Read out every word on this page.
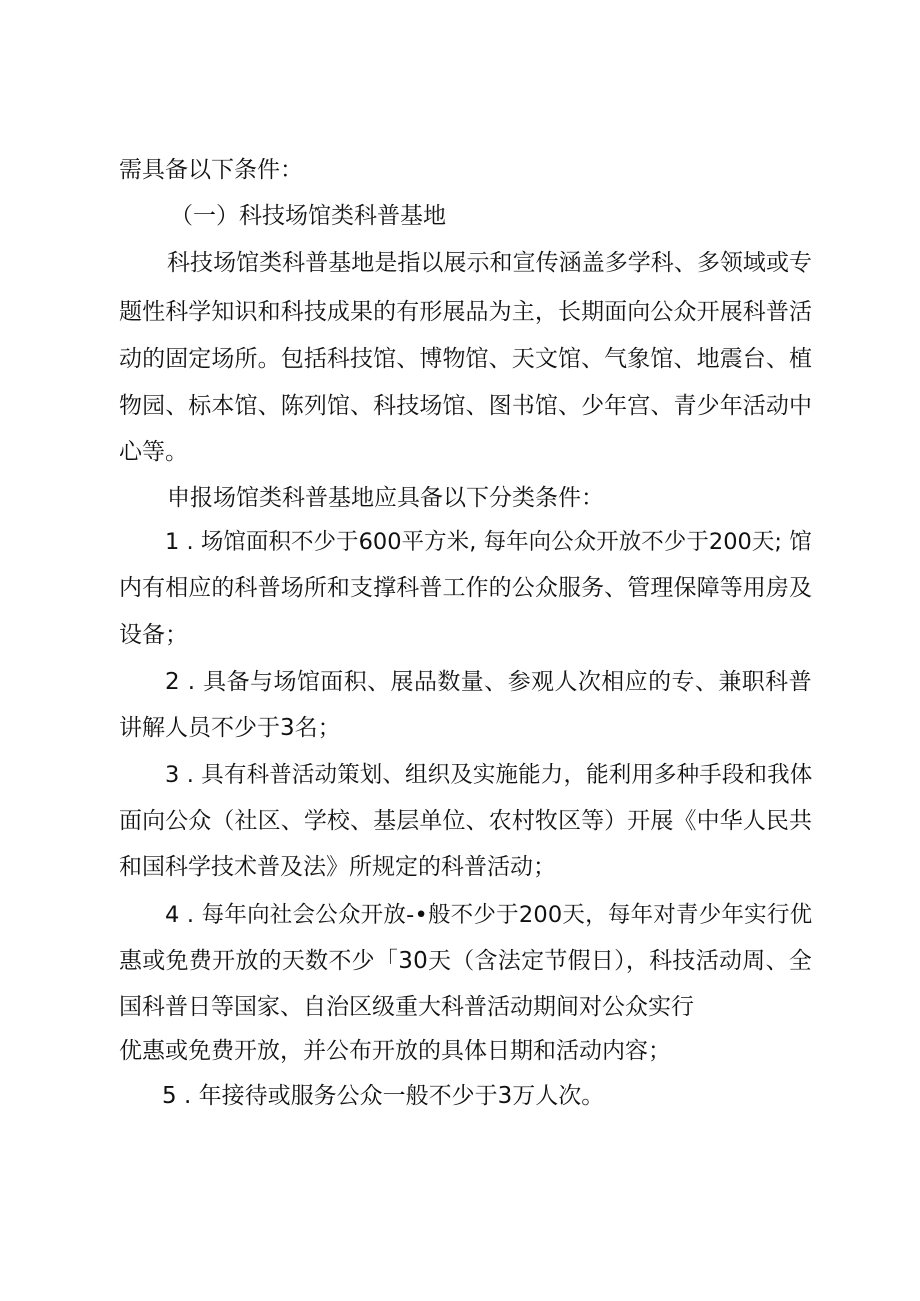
需具备以下条件：
（一）科技场馆类科普基地
科技场馆类科普基地是指以展示和宣传涵盖多学科、多领域或专
题性科学知识和科技成果的有形展品为主，长期面向公众开展科普活
动的固定场所。包括科技馆、博物馆、天文馆、气象馆、地震台、植
物园、标本馆、陈列馆、科技场馆、图书馆、少年宫、青少年活动中
心等。
申报场馆类科普基地应具备以下分类条件：
1 . 场馆面积不少于600平方米, 每年向公众开放不少于200天; 馆
内有相应的科普场所和支撑科普工作的公众服务、管理保障等用房及
设备；
2 . 具备与场馆面积、展品数量、参观人次相应的专、兼职科普
讲解人员不少于3名；
3 . 具有科普活动策划、组织及实施能力，能利用多种手段和我体
面向公众（社区、学校、基层单位、农村牧区等）开展《中华人民共
和国科学技术普及法》所规定的科普活动；
4 . 每年向社会公众开放-•般不少于200天，每年对青少年实行优
惠或免费开放的天数不少「30天（含法定节假日），科技活动周、全
国科普日等国家、自治区级重大科普活动期间对公众实行
优惠或免费开放，并公布开放的具体日期和活动内容；
5 . 年接待或服务公众一般不少于3万人次。
